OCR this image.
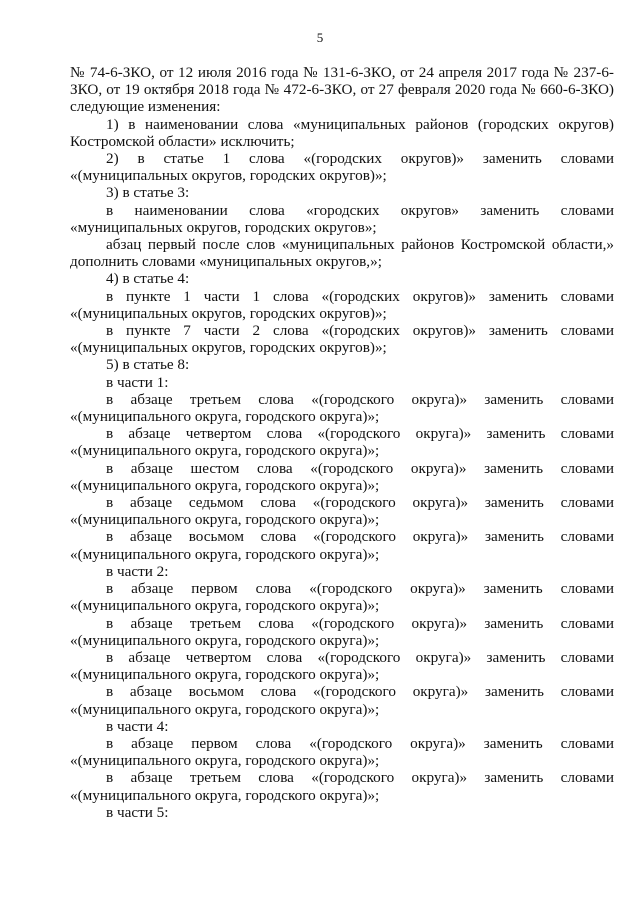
5

№ 74-6-ЗКО, от 12 июля 2016 года № 131-6-ЗКО, от 24 апреля 2017 года № 237-6-ЗКО, от 19 октября 2018 года № 472-6-ЗКО, от 27 февраля 2020 года № 660-6-ЗКО) следующие изменения:

1) в наименовании слова «муниципальных районов (городских округов) Костромской области» исключить;

2) в статье 1 слова «(городских округов)» заменить словами «(муниципальных округов, городских округов)»;

3) в статье 3:

в наименовании слова «городских округов» заменить словами «муниципальных округов, городских округов»;

абзац первый после слов «муниципальных районов Костромской области,» дополнить словами «муниципальных округов,»;

4) в статье 4:

в пункте 1 части 1 слова «(городских округов)» заменить словами «(муниципальных округов, городских округов)»;

в пункте 7 части 2 слова «(городских округов)» заменить словами «(муниципальных округов, городских округов)»;

5) в статье 8:

в части 1:

в абзаце третьем слова «(городского округа)» заменить словами «(муниципального округа, городского округа)»;

в абзаце четвертом слова «(городского округа)» заменить словами «(муниципального округа, городского округа)»;

в абзаце шестом слова «(городского округа)» заменить словами «(муниципального округа, городского округа)»;

в абзаце седьмом слова «(городского округа)» заменить словами «(муниципального округа, городского округа)»;

в абзаце восьмом слова «(городского округа)» заменить словами «(муниципального округа, городского округа)»;

в части 2:

в абзаце первом слова «(городского округа)» заменить словами «(муниципального округа, городского округа)»;

в абзаце третьем слова «(городского округа)» заменить словами «(муниципального округа, городского округа)»;

в абзаце четвертом слова «(городского округа)» заменить словами «(муниципального округа, городского округа)»;

в абзаце восьмом слова «(городского округа)» заменить словами «(муниципального округа, городского округа)»;

в части 4:

в абзаце первом слова «(городского округа)» заменить словами «(муниципального округа, городского округа)»;

в абзаце третьем слова «(городского округа)» заменить словами «(муниципального округа, городского округа)»;

в части 5:
